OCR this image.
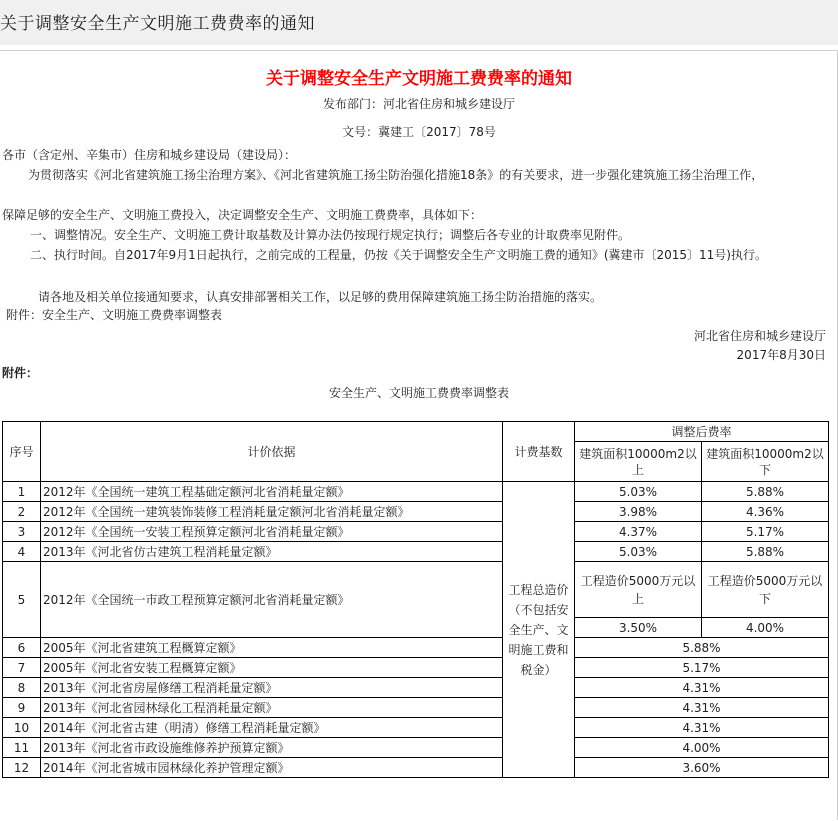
关于调整安全生产文明施工费费率的通知
关于调整安全生产文明施工费费率的通知
发布部门：河北省住房和城乡建设厅
文号：冀建工〔2017〕78号
各市（含定州、辛集市）住房和城乡建设局（建设局）：
为贯彻落实《河北省建筑施工扬尘治理方案》、《河北省建筑施工扬尘防治强化措施18条》的有关要求，进一步强化建筑施工扬尘治理工作，
保障足够的安全生产、文明施工费投入，决定调整安全生产、文明施工费费率，具体如下：
一、调整情况。安全生产、文明施工费计取基数及计算办法仍按现行规定执行；调整后各专业的计取费率见附件。
二、执行时间。自2017年9月1日起执行，之前完成的工程量，仍按《关于调整安全生产文明施工费的通知》(冀建市〔2015〕11号)执行。
请各地及相关单位接通知要求，认真安排部署相关工作，以足够的费用保障建筑施工扬尘防治措施的落实。
附件：安全生产、文明施工费费率调整表
河北省住房和城乡建设厅
2017年8月30日
附件：
安全生产、文明施工费费率调整表
序号	计价依据	计费基数	调整后费率	
			建筑面积10000m2以上	建筑面积10000m2以下

1	2012年《全国统一建筑工程基础定额河北省消耗量定额》	工程总造价（不包括安全生产、文明施工费和税金）	5.03%	5.88%
2	2012年《全国统一建筑装饰装修工程消耗量定额河北省消耗量定额》		3.98%	4.36%
3	2012年《全国统一安装工程预算定额河北省消耗量定额》		4.37%	5.17%
4	2013年《河北省仿古建筑工程消耗量定额》		5.03%	5.88%
5	2012年《全国统一市政工程预算定额河北省消耗量定额》		工程造价5000万元以上	工程造价5000万元以下
			3.50%	4.00%
6	2005年《河北省建筑工程概算定额》		5.88%	
7	2005年《河北省安装工程概算定额》		5.17%	
8	2013年《河北省房屋修缮工程消耗量定额》		4.31%	
9	2013年《河北省园林绿化工程消耗量定额》		4.31%	
10	2014年《河北省古建（明清）修缮工程消耗量定额》		4.31%	
11	2013年《河北省市政设施维修养护预算定额》		4.00%	
12	2014年《河北省城市园林绿化养护管理定额》		3.60%	
